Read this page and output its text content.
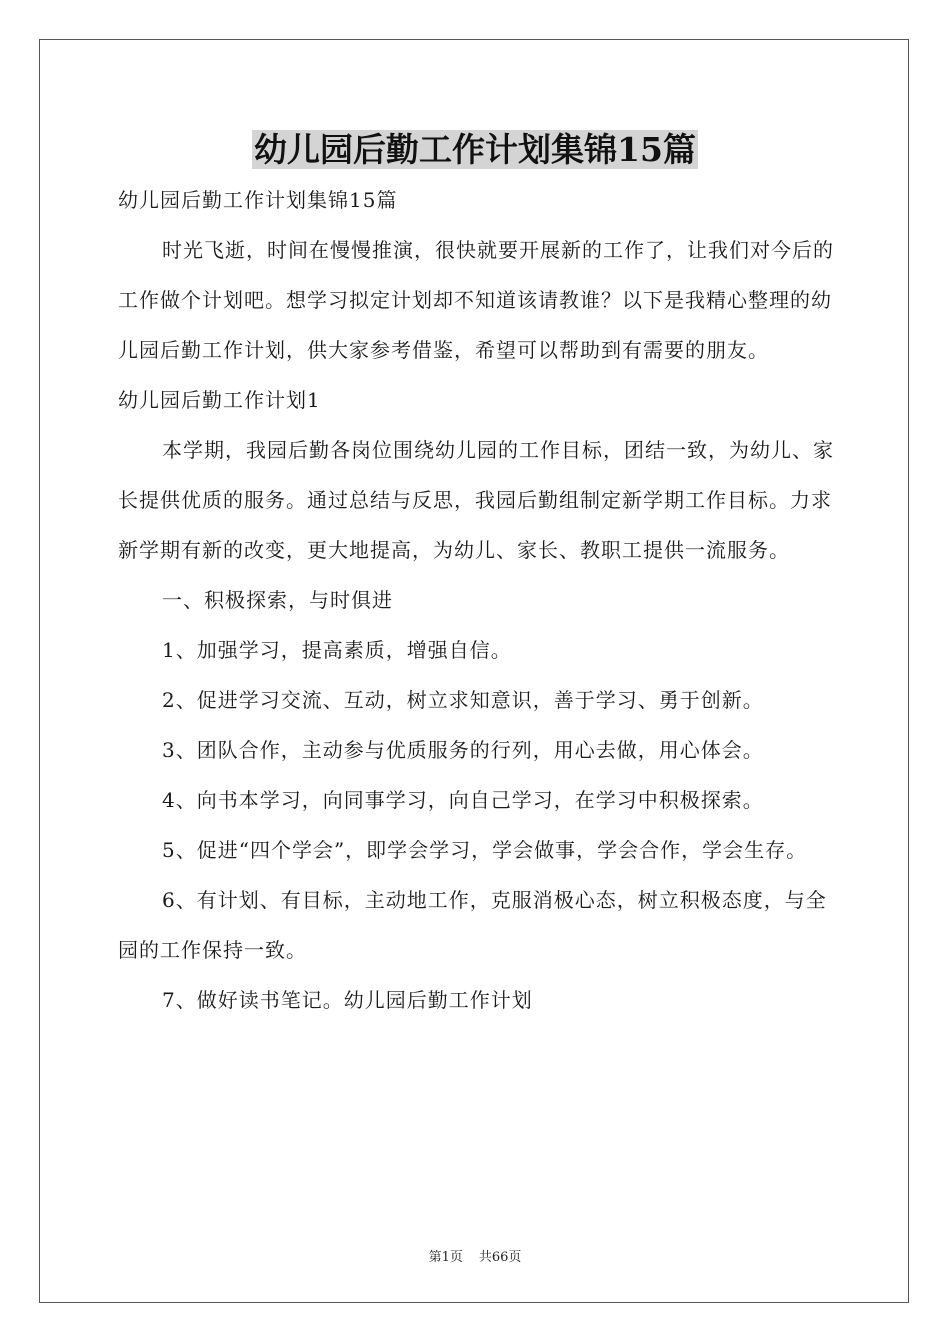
幼儿园后勤工作计划集锦15篇

幼儿园后勤工作计划集锦15篇

时光飞逝，时间在慢慢推演，很快就要开展新的工作了，让我们对今后的工作做个计划吧。想学习拟定计划却不知道该请教谁？以下是我精心整理的幼儿园后勤工作计划，供大家参考借鉴，希望可以帮助到有需要的朋友。

幼儿园后勤工作计划1

本学期，我园后勤各岗位围绕幼儿园的工作目标，团结一致，为幼儿、家长提供优质的服务。通过总结与反思，我园后勤组制定新学期工作目标。力求新学期有新的改变，更大地提高，为幼儿、家长、教职工提供一流服务。

一、积极探索，与时俱进

1、加强学习，提高素质，增强自信。

2、促进学习交流、互动，树立求知意识，善于学习、勇于创新。

3、团队合作，主动参与优质服务的行列，用心去做，用心体会。

4、向书本学习，向同事学习，向自己学习，在学习中积极探索。

5、促进“四个学会”，即学会学习，学会做事，学会合作，学会生存。

6、有计划、有目标，主动地工作，克服消极心态，树立积极态度，与全园的工作保持一致。

7、做好读书笔记。幼儿园后勤工作计划

第1页 共66页
